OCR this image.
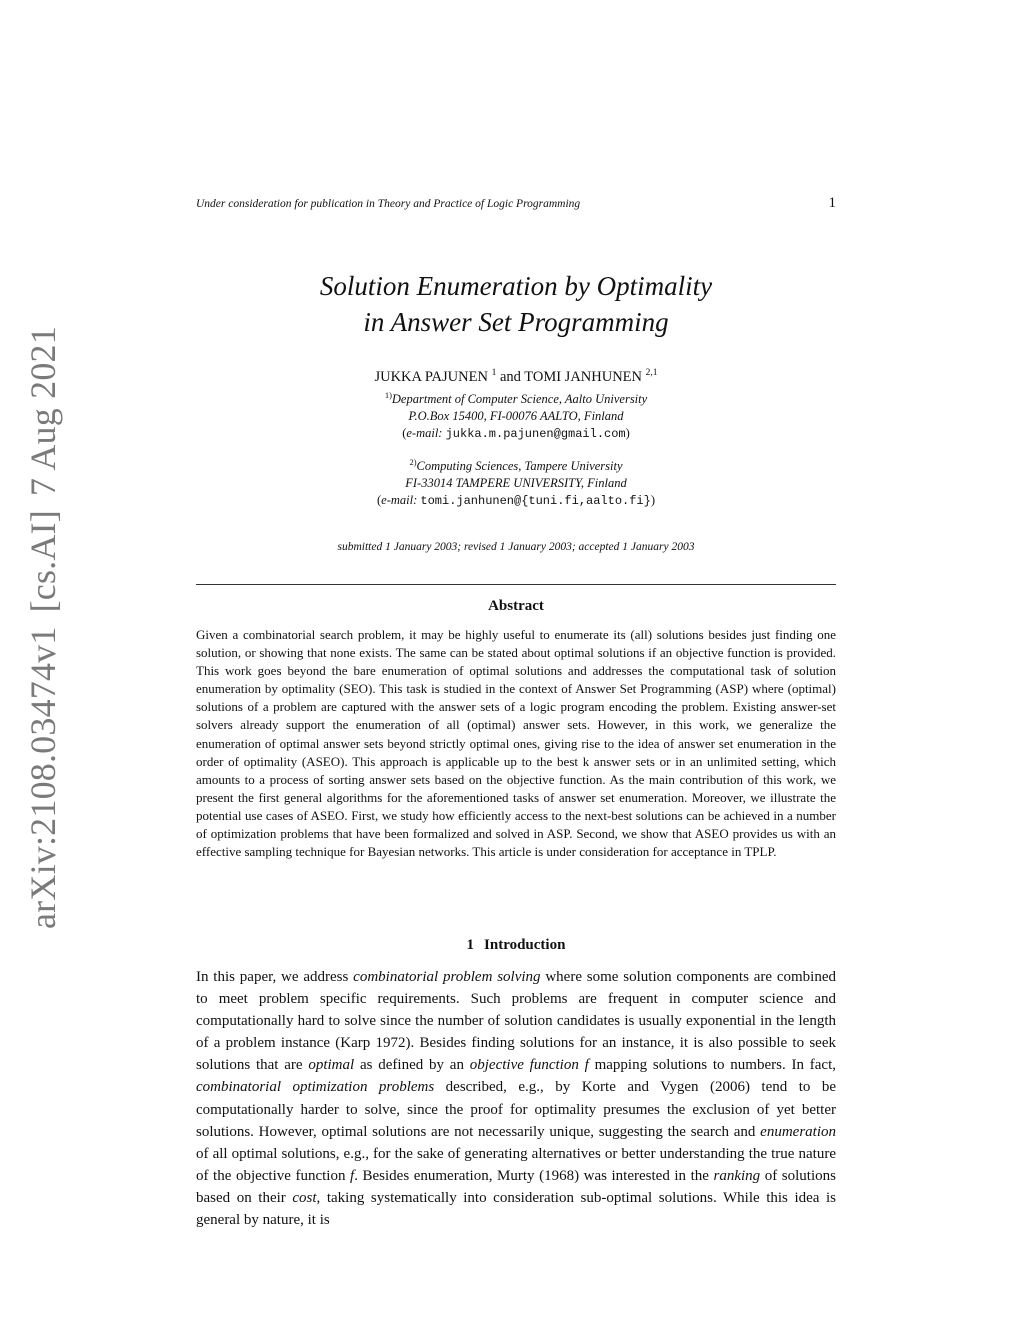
arXiv:2108.03474v1[cs.AI]7 Aug 2021
Under consideration for publication in Theory and Practice of Logic Programming	1
Solution Enumeration by Optimality
in Answer Set Programming
JUKKA PAJUNEN $^1$ and TOMI JANHUNEN $^{2,1}$
$^{1)}$Department of Computer Science, Aalto University
P.O.Box 15400, FI-00076 AALTO, Finland
(e-mail: jukka.m.pajunen@gmail.com)
$^{2)}$Computing Sciences, Tampere University
FI-33014 TAMPERE UNIVERSITY, Finland
(e-mail: tomi.janhunen@{tuni.fi,aalto.fi})
submitted 1 January 2003; revised 1 January 2003; accepted 1 January 2003
Abstract
Given a combinatorial search problem, it may be highly useful to enumerate its (all) solutions besides just finding one solution, or showing that none exists. The same can be stated about optimal solutions if an objective function is provided. This work goes beyond the bare enumeration of optimal solutions and addresses the computational task of solution enumeration by optimality (SEO). This task is studied in the context of Answer Set Programming (ASP) where (optimal) solutions of a problem are captured with the answer sets of a logic program encoding the problem. Existing answer-set solvers already support the enumeration of all (optimal) answer sets. However, in this work, we generalize the enumeration of optimal answer sets beyond strictly optimal ones, giving rise to the idea of answer set enumeration in the order of optimality (ASEO). This approach is applicable up to the best k answer sets or in an unlimited setting, which amounts to a process of sorting answer sets based on the objective function. As the main contribution of this work, we present the first general algorithms for the aforementioned tasks of answer set enumeration. Moreover, we illustrate the potential use cases of ASEO. First, we study how efficiently access to the next-best solutions can be achieved in a number of optimization problems that have been formalized and solved in ASP. Second, we show that ASEO provides us with an effective sampling technique for Bayesian networks. This article is under consideration for acceptance in TPLP.
1 Introduction
In this paper, we address combinatorial problem solving where some solution components are combined to meet problem specific requirements. Such problems are frequent in computer science and computationally hard to solve since the number of solution candidates is usually exponential in the length of a problem instance (Karp 1972). Besides finding solutions for an instance, it is also possible to seek solutions that are optimal as defined by an objective function f mapping solutions to numbers. In fact, combinatorial optimization problems described, e.g., by Korte and Vygen (2006) tend to be computationally harder to solve, since the proof for optimality presumes the exclusion of yet better solutions. However, optimal solutions are not necessarily unique, suggesting the search and enumeration of all optimal solutions, e.g., for the sake of generating alternatives or better understanding the true nature of the objective function f. Besides enumeration, Murty (1968) was interested in the ranking of solutions based on their cost, taking systematically into consideration sub-optimal solutions. While this idea is general by nature, it is
